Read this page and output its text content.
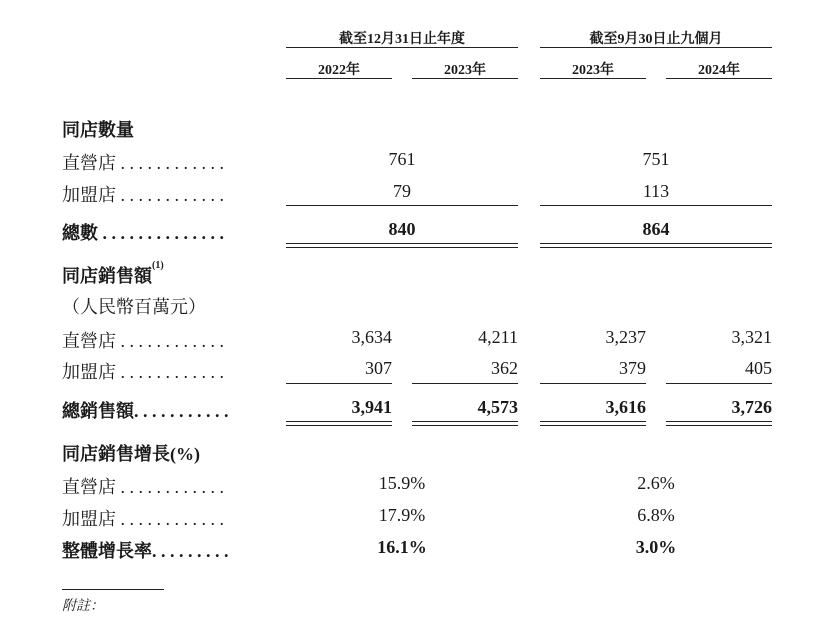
截至12月31日止年度	截至9月30日止九個月
2022年	2023年	2023年	2024年
同店數量
直營店 . . . . . . . . . . . .	761	751
加盟店 . . . . . . . . . . . .	79	113
總數 . . . . . . . . . . . . . .	840	864
同店銷售額$^{(1)}$
（人民幣百萬元）
直營店 . . . . . . . . . . . .	3,634	4,211	3,237	3,321
加盟店 . . . . . . . . . . . .	307	362	379	405
總銷售額. . . . . . . . . . .	3,941	4,573	3,616	3,726
同店銷售增長(%)
直營店 . . . . . . . . . . . .	15.9%	2.6%
加盟店 . . . . . . . . . . . .	17.9%	6.8%
整體增長率. . . . . . . . .	16.1%	3.0%
附註：
